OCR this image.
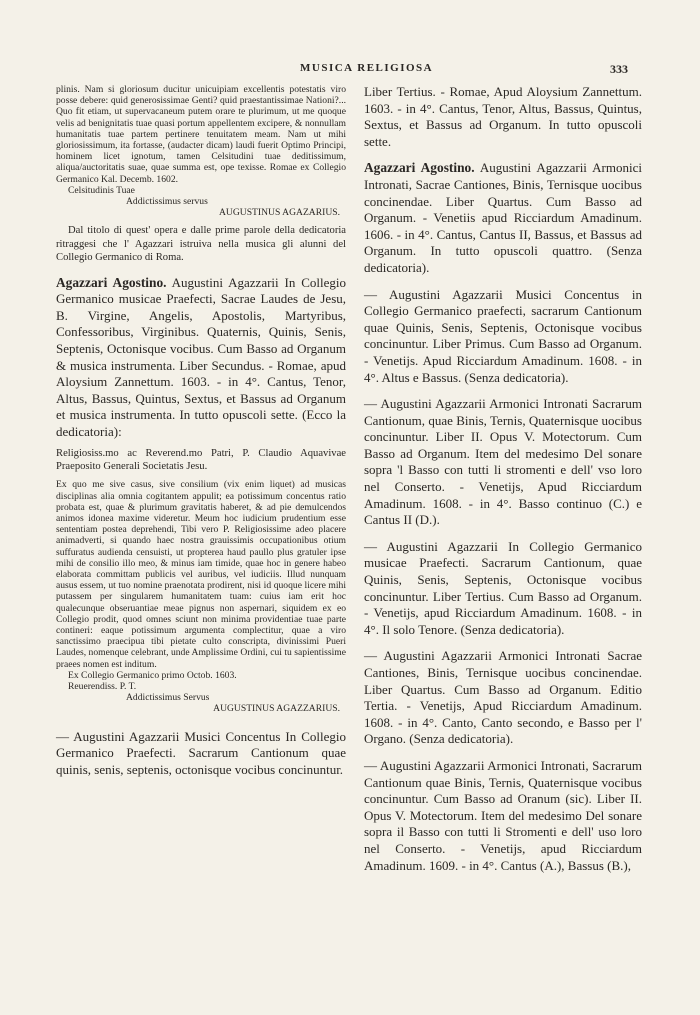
MUSICA RELIGIOSA	333

plinis. Nam si gloriosum ducitur unicuipiam excellentis potestatis viro posse debere: quid generosissimae Genti? quid praestantissimae Nationi?... Quo fit etiam, ut supervacaneum putem orare te plurimum, ut me quoque velis ad benignitatis tuae quasi portum appellentem excipere, & nonnullam humanitatis tuae partem pertinere tenuitatem meam. Nam ut mihi gloriosissimum, ita fortasse, (audacter dicam) laudi fuerit Optimo Principi, hominem licet ignotum, tamen Celsitudini tuae deditissimum, aliqua/auctoritatis suae, quae summa est, ope texisse. Romae ex Collegio Germanico Kal. Decemb. 1602.

Celsitudinis Tuae

Addictissimus servus

AUGUSTINUS AGAZARIUS.

Dal titolo di quest' opera e dalle prime parole della dedicatoria ritraggesi che l' Agazzari istruiva nella musica gli alunni del Collegio Germanico di Roma.

Agazzari Agostino. Augustini Agazzarii In Collegio Germanico musicae Praefecti, Sacrae Laudes de Jesu, B. Virgine, Angelis, Apostolis, Martyribus, Confessoribus, Virginibus. Quaternis, Quinis, Senis, Septenis, Octonisque vocibus. Cum Basso ad Organum & musica instrumenta. Liber Secundus. - Romae, apud Aloysium Zannettum. 1603. - in 4°. Cantus, Tenor, Altus, Bassus, Quintus, Sextus, et Bassus ad Organum et musica instrumenta. In tutto opuscoli sette. (Ecco la dedicatoria):

Religiosiss.mo ac Reverend.mo Patri, P. Claudio Aquavivae Praeposito Generali Societatis Jesu.

Ex quo me sive casus, sive consilium (vix enim liquet) ad musicas disciplinas alia omnia cogitantem appulit; ea potissimum concentus ratio probata est, quae & plurimum gravitatis haberet, & ad pie demulcendos animos idonea maxime videretur. Meum hoc iudicium prudentium esse sententiam postea deprehendi, Tibi vero P. Religiosissime adeo placere animadverti, si quando haec nostra grauissimis occupationibus otium suffuratus audienda censuisti, ut propterea haud paullo plus gratuler ipse mihi de consilio illo meo, & minus iam timide, quae hoc in genere habeo elaborata committam publicis vel auribus, vel iudiciis. Illud nunquam ausus essem, ut tuo nomine praenotata prodirent, nisi id quoque licere mihi putassem per singularem humanitatem tuam: cuius iam erit hoc qualecunque obseruantiae meae pignus non aspernari, siquidem ex eo Collegio prodit, quod omnes sciunt non minima providentiae tuae parte contineri: eaque potissimum argumenta complectitur, quae a viro sanctissimo praecipua tibi pietate culto conscripta, divinissimi Pueri Laudes, nomenque celebrant, unde Amplissime Ordini, cui tu sapientissime praees nomen est inditum.

Ex Collegio Germanico primo Octob. 1603.

Reuerendiss. P. T.

Addictissimus Servus

AUGUSTINUS AGAZZARIUS.

— Augustini Agazzarii Musici Concentus In Collegio Germanico Praefecti. Sacrarum Cantionum quae quinis, senis, septenis, octonisque vocibus concinuntur.

Liber Tertius. - Romae, Apud Aloysium Zannettum. 1603. - in 4°. Cantus, Tenor, Altus, Bassus, Quintus, Sextus, et Bassus ad Organum. In tutto opuscoli sette.

Agazzari Agostino. Augustini Agazzarii Armonici Intronati, Sacrae Cantiones, Binis, Ternisque uocibus concinendae. Liber Quartus. Cum Basso ad Organum. - Venetiis apud Ricciardum Amadinum. 1606. - in 4°. Cantus, Cantus II, Bassus, et Bassus ad Organum. In tutto opuscoli quattro. (Senza dedicatoria).

— Augustini Agazzarii Musici Concentus in Collegio Germanico praefecti, sacrarum Cantionum quae Quinis, Senis, Septenis, Octonisque vocibus concinuntur. Liber Primus. Cum Basso ad Organum. - Venetijs. Apud Ricciardum Amadinum. 1608. - in 4°. Altus e Bassus. (Senza dedicatoria).

— Augustini Agazzarii Armonici Intronati Sacrarum Cantionum, quae Binis, Ternis, Quaternisque uocibus concinuntur. Liber II. Opus V. Motectorum. Cum Basso ad Organum. Item del medesimo Del sonare sopra 'l Basso con tutti li stromenti e dell' vso loro nel Conserto. - Venetijs, Apud Ricciardum Amadinum. 1608. - in 4°. Basso continuo (C.) e Cantus II (D.).

— Augustini Agazzarii In Collegio Germanico musicae Praefecti. Sacrarum Cantionum, quae Quinis, Senis, Septenis, Octonisque vocibus concinuntur. Liber Tertius. Cum Basso ad Organum. - Venetijs, apud Ricciardum Amadinum. 1608. - in 4°. Il solo Tenore. (Senza dedicatoria).

— Augustini Agazzarii Armonici Intronati Sacrae Cantiones, Binis, Ternisque uocibus concinendae. Liber Quartus. Cum Basso ad Organum. Editio Tertia. - Venetijs, Apud Ricciardum Amadinum. 1608. - in 4°. Canto, Canto secondo, e Basso per l' Organo. (Senza dedicatoria).

— Augustini Agazzarii Armonici Intronati, Sacrarum Cantionum quae Binis, Ternis, Quaternisque vocibus concinuntur. Cum Basso ad Oranum (sic). Liber II. Opus V. Motectorum. Item del medesimo Del sonare sopra il Basso con tutti li Stromenti e dell' uso loro nel Conserto. - Venetijs, apud Ricciardum Amadinum. 1609. - in 4°. Cantus (A.), Bassus (B.),
